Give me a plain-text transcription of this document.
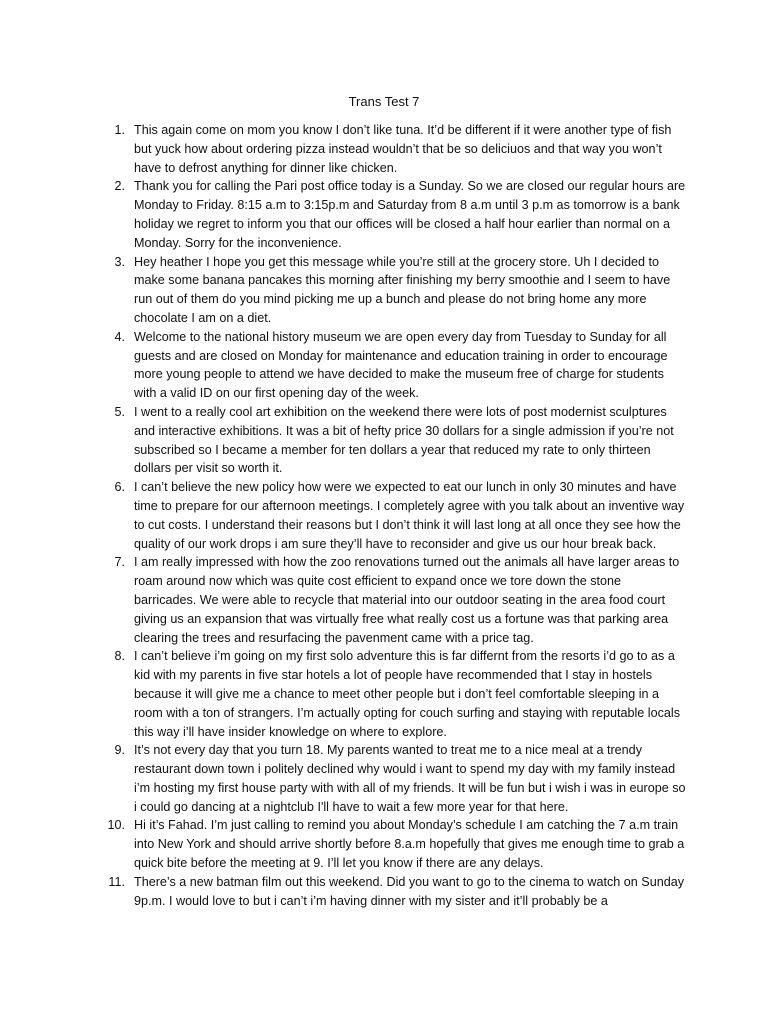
Trans Test 7
1. This again come on mom you know I don’t like tuna. It’d be different if it were another type of fish but yuck how about ordering pizza instead wouldn’t that be so deliciuos and that way you won’t have to defrost anything for dinner like chicken.
2. Thank you for calling the Pari post office today is a Sunday. So we are closed our regular hours are Monday to Friday. 8:15 a.m to 3:15p.m and Saturday from 8 a.m until 3 p.m as tomorrow is a bank holiday we regret to inform you that our offices will be closed a half hour earlier than normal on a Monday. Sorry for the inconvenience.
3. Hey heather I hope you get this message while you’re still at the grocery store. Uh I decided to make some banana pancakes this morning after finishing my berry smoothie and I seem to have run out of them do you mind picking me up a bunch and please do not bring home any more chocolate I am on a diet.
4. Welcome to the national history museum we are open every day from Tuesday to Sunday for all guests and are closed on Monday for maintenance and education training in order to encourage more young people to attend we have decided to make the museum free of charge for students with a valid ID on our first opening day of the week.
5. I went to a really cool art exhibition on the weekend there were lots of post modernist sculptures and interactive exhibitions. It was a bit of hefty price 30 dollars for a single admission if you’re not subscribed so I became a member for ten dollars a year that reduced my rate to only thirteen dollars per visit so worth it.
6. I can’t believe the new policy how were we expected to eat our lunch in only 30 minutes and have time to prepare for our afternoon meetings. I completely agree with you talk about an inventive way to cut costs. I understand their reasons but I don’t think it will last long at all once they see how the quality of our work drops i am sure they’ll have to reconsider and give us our hour break back.
7. I am really impressed with how the zoo renovations turned out the animals all have larger areas to roam around now which was quite cost efficient to expand once we tore down the stone barricades. We were able to recycle that material into our outdoor seating in the area food court giving us an expansion that was virtually free what really cost us a fortune was that parking area clearing the trees and resurfacing the pavenment came with a price tag.
8. I can’t believe i’m going on my first solo adventure this is far differnt from the resorts i’d go to as a kid with my parents in five star hotels a lot of people have recommended that I stay in hostels because it will give me a chance to meet other people but i don’t feel comfortable sleeping in a room with a ton of strangers. I’m actually opting for couch surfing and staying with reputable locals this way i’ll have insider knowledge on where to explore.
9. It’s not every day that you turn 18. My parents wanted to treat me to a nice meal at a trendy restaurant down town i politely declined why would i want to spend my day with my family instead i’m hosting my first house party with with all of my friends. It will be fun but i wish i was in europe so i could go dancing at a nightclub I'll have to wait a few more year for that here.
10. Hi it’s Fahad. I’m just calling to remind you about Monday’s schedule I am catching the 7 a.m train into New York and should arrive shortly before 8.a.m hopefully that gives me enough time to grab a quick bite before the meeting at 9. I’ll let you know if there are any delays.
11. There’s a new batman film out this weekend. Did you want to go to the cinema to watch on Sunday 9p.m. I would love to but i can’t i’m having dinner with my sister and it’ll probably be a
